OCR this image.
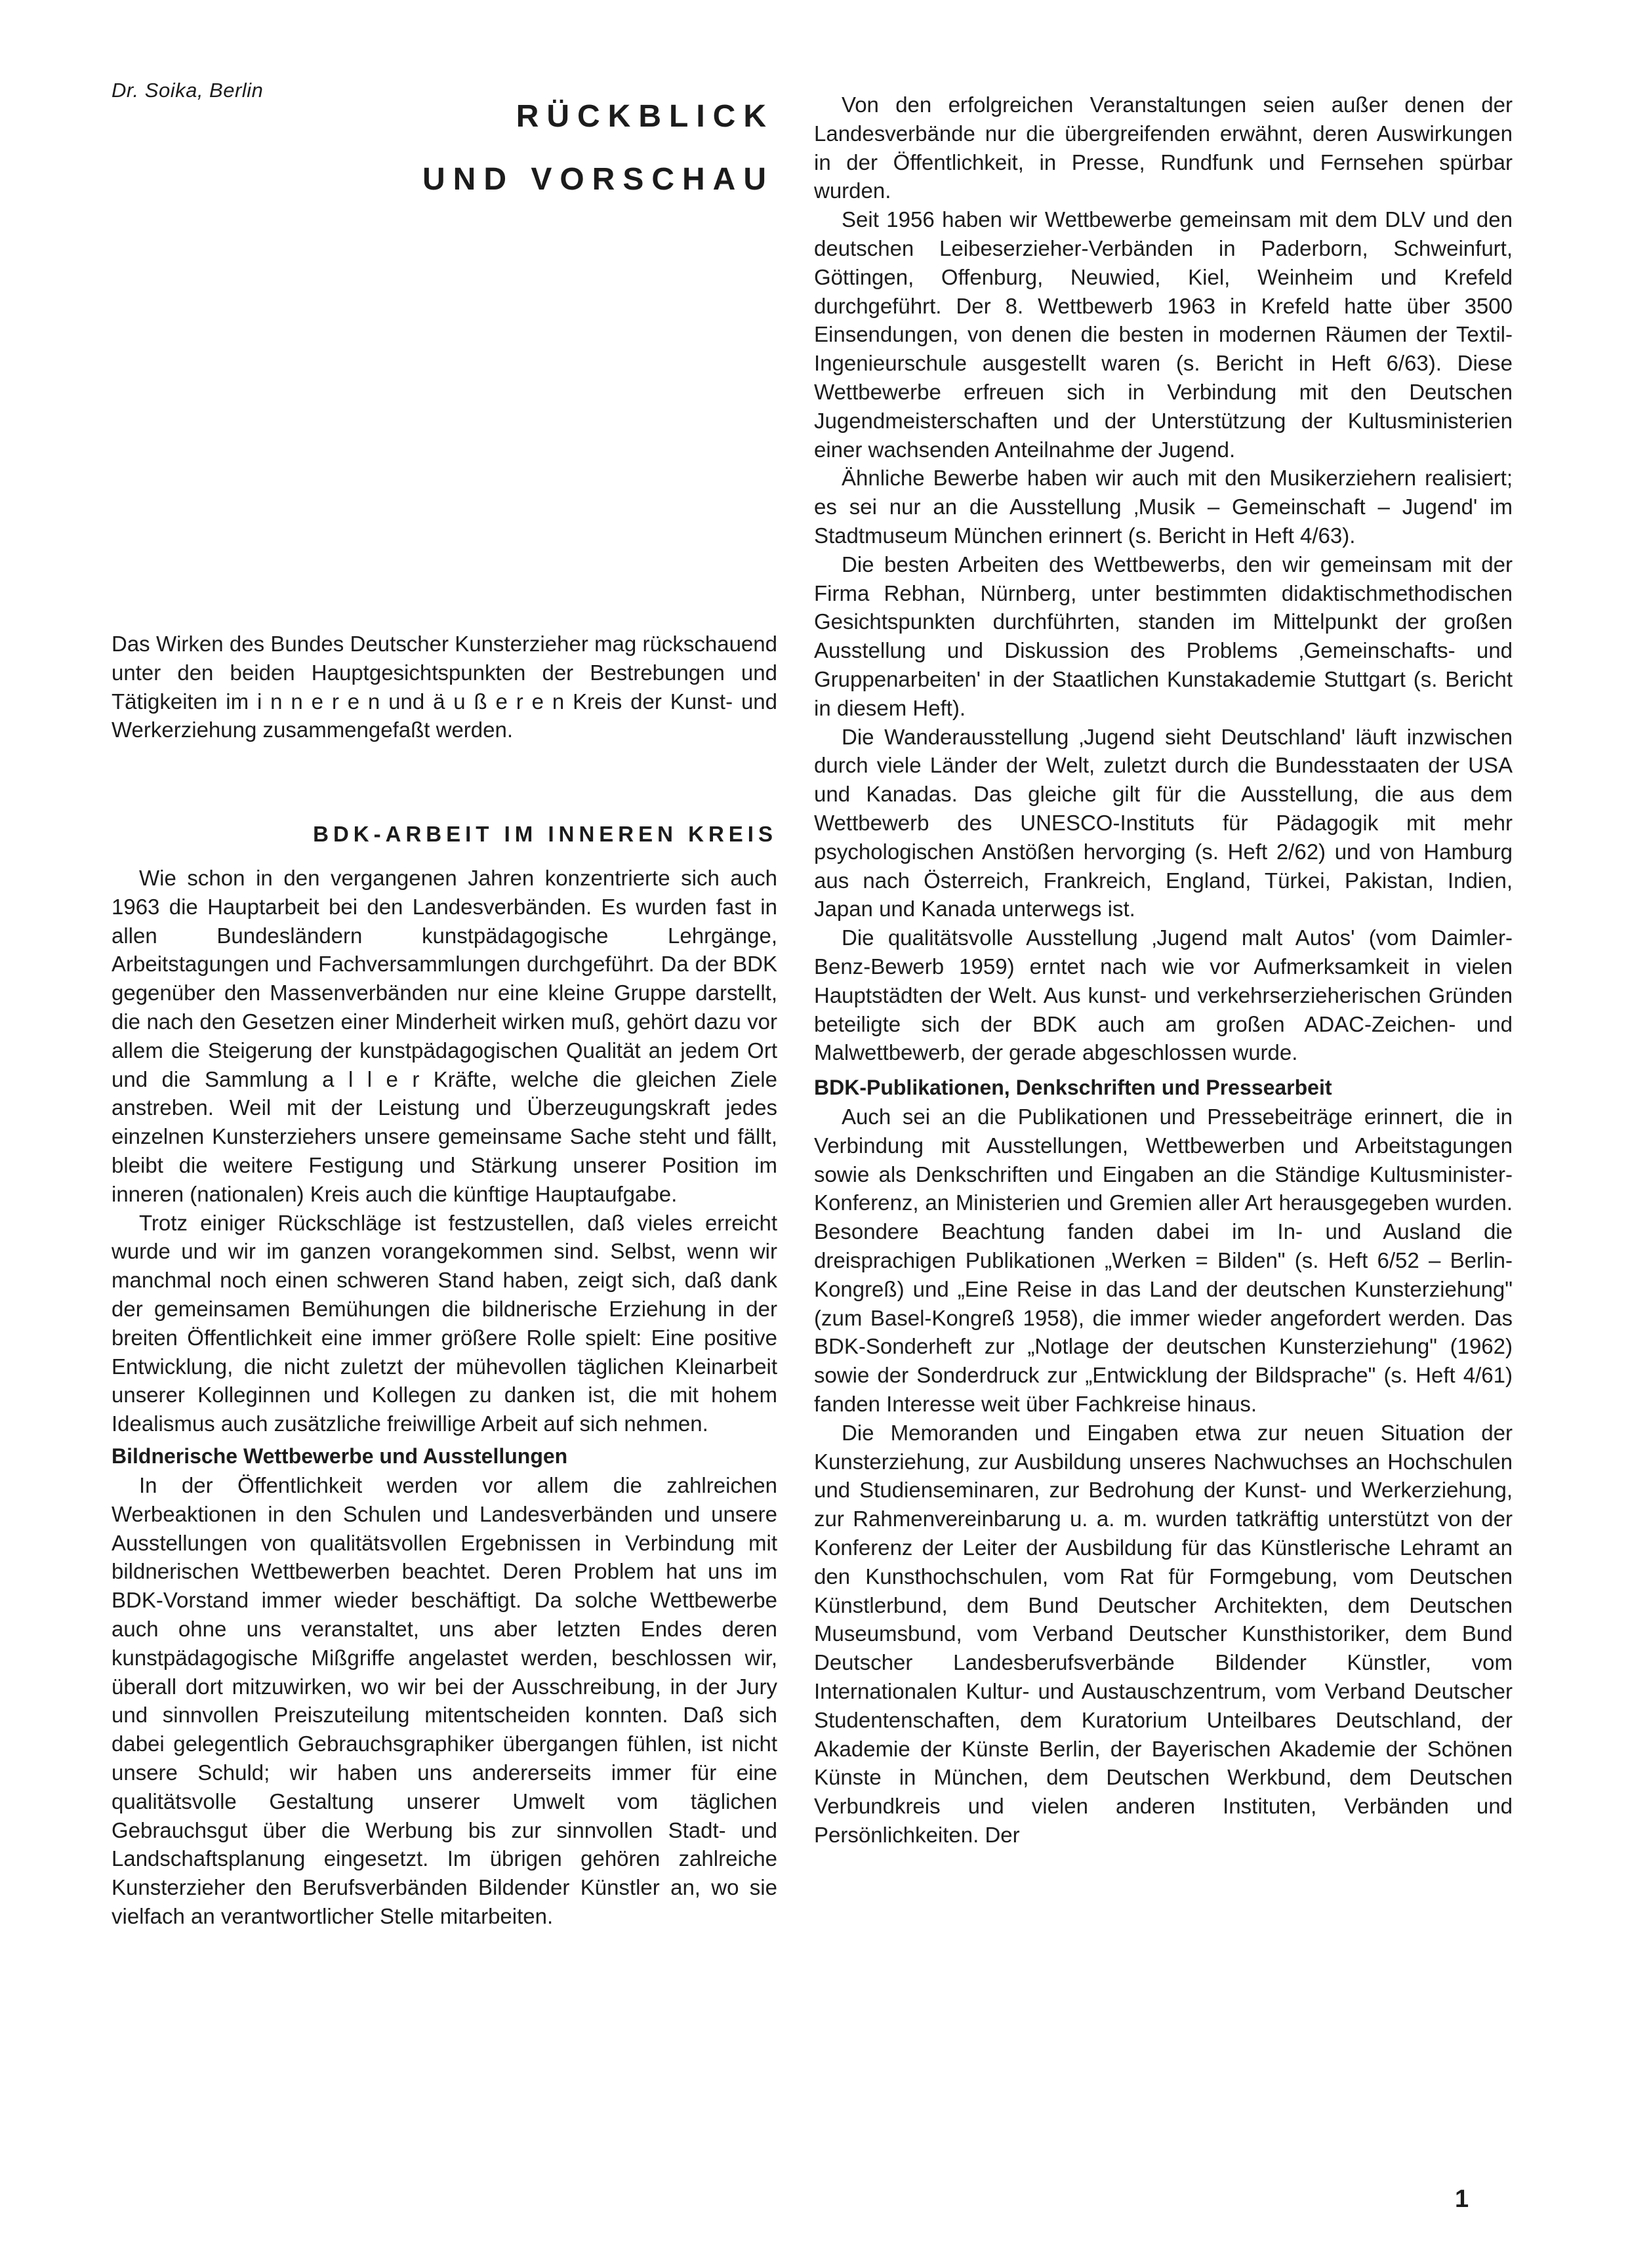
Dr. Soika, Berlin
RÜCKBLICK
UND VORSCHAU

Das Wirken des Bundes Deutscher Kunsterzieher mag rückschauend unter den beiden Hauptgesichtspunkten der Bestrebungen und Tätigkeiten im i n n e r e n und ä u ß e r e n Kreis der Kunst- und Werkerziehung zusammengefaßt werden.

BDK-ARBEIT IM INNEREN KREIS

Wie schon in den vergangenen Jahren konzentrierte sich auch 1963 die Hauptarbeit bei den Landesverbänden. Es wurden fast in allen Bundesländern kunstpädagogische Lehrgänge, Arbeitstagungen und Fachversammlungen durchgeführt. Da der BDK gegenüber den Massenverbänden nur eine kleine Gruppe darstellt, die nach den Gesetzen einer Minderheit wirken muß, gehört dazu vor allem die Steigerung der kunstpädagogischen Qualität an jedem Ort und die Sammlung a l l e r Kräfte, welche die gleichen Ziele anstreben. Weil mit der Leistung und Überzeugungskraft jedes einzelnen Kunsterziehers unsere gemeinsame Sache steht und fällt, bleibt die weitere Festigung und Stärkung unserer Position im inneren (nationalen) Kreis auch die künftige Hauptaufgabe.

Trotz einiger Rückschläge ist festzustellen, daß vieles erreicht wurde und wir im ganzen vorangekommen sind. Selbst, wenn wir manchmal noch einen schweren Stand haben, zeigt sich, daß dank der gemeinsamen Bemühungen die bildnerische Erziehung in der breiten Öffentlichkeit eine immer größere Rolle spielt: Eine positive Entwicklung, die nicht zuletzt der mühevollen täglichen Kleinarbeit unserer Kolleginnen und Kollegen zu danken ist, die mit hohem Idealismus auch zusätzliche freiwillige Arbeit auf sich nehmen.

Bildnerische Wettbewerbe und Ausstellungen

In der Öffentlichkeit werden vor allem die zahlreichen Werbeaktionen in den Schulen und Landesverbänden und unsere Ausstellungen von qualitätsvollen Ergebnissen in Verbindung mit bildnerischen Wettbewerben beachtet. Deren Problem hat uns im BDK-Vorstand immer wieder beschäftigt. Da solche Wettbewerbe auch ohne uns veranstaltet, uns aber letzten Endes deren kunstpädagogische Mißgriffe angelastet werden, beschlossen wir, überall dort mitzuwirken, wo wir bei der Ausschreibung, in der Jury und sinnvollen Preiszuteilung mitentscheiden konnten. Daß sich dabei gelegentlich Gebrauchsgraphiker übergangen fühlen, ist nicht unsere Schuld; wir haben uns andererseits immer für eine qualitätsvolle Gestaltung unserer Umwelt vom täglichen Gebrauchsgut über die Werbung bis zur sinnvollen Stadt- und Landschaftsplanung eingesetzt. Im übrigen gehören zahlreiche Kunsterzieher den Berufsverbänden Bildender Künstler an, wo sie vielfach an verantwortlicher Stelle mitarbeiten.

Von den erfolgreichen Veranstaltungen seien außer denen der Landesverbände nur die übergreifenden erwähnt, deren Auswirkungen in der Öffentlichkeit, in Presse, Rundfunk und Fernsehen spürbar wurden.

Seit 1956 haben wir Wettbewerbe gemeinsam mit dem DLV und den deutschen Leibeserzieher-Verbänden in Paderborn, Schweinfurt, Göttingen, Offenburg, Neuwied, Kiel, Weinheim und Krefeld durchgeführt. Der 8. Wettbewerb 1963 in Krefeld hatte über 3500 Einsendungen, von denen die besten in modernen Räumen der Textil-Ingenieurschule ausgestellt waren (s. Bericht in Heft 6/63). Diese Wettbewerbe erfreuen sich in Verbindung mit den Deutschen Jugendmeisterschaften und der Unterstützung der Kultusministerien einer wachsenden Anteilnahme der Jugend.

Ähnliche Bewerbe haben wir auch mit den Musikerziehern realisiert; es sei nur an die Ausstellung ‚Musik – Gemeinschaft – Jugend' im Stadtmuseum München erinnert (s. Bericht in Heft 4/63).

Die besten Arbeiten des Wettbewerbs, den wir gemeinsam mit der Firma Rebhan, Nürnberg, unter bestimmten didaktischmethodischen Gesichtspunkten durchführten, standen im Mittelpunkt der großen Ausstellung und Diskussion des Problems ‚Gemeinschafts- und Gruppenarbeiten' in der Staatlichen Kunstakademie Stuttgart (s. Bericht in diesem Heft).

Die Wanderausstellung ‚Jugend sieht Deutschland' läuft inzwischen durch viele Länder der Welt, zuletzt durch die Bundesstaaten der USA und Kanadas. Das gleiche gilt für die Ausstellung, die aus dem Wettbewerb des UNESCO-Instituts für Pädagogik mit mehr psychologischen Anstößen hervorging (s. Heft 2/62) und von Hamburg aus nach Österreich, Frankreich, England, Türkei, Pakistan, Indien, Japan und Kanada unterwegs ist.

Die qualitätsvolle Ausstellung ‚Jugend malt Autos' (vom Daimler-Benz-Bewerb 1959) erntet nach wie vor Aufmerksamkeit in vielen Hauptstädten der Welt. Aus kunst- und verkehrserzieherischen Gründen beteiligte sich der BDK auch am großen ADAC-Zeichen- und Malwettbewerb, der gerade abgeschlossen wurde.

BDK-Publikationen, Denkschriften und Pressearbeit

Auch sei an die Publikationen und Pressebeiträge erinnert, die in Verbindung mit Ausstellungen, Wettbewerben und Arbeitstagungen sowie als Denkschriften und Eingaben an die Ständige Kultusminister-Konferenz, an Ministerien und Gremien aller Art herausgegeben wurden. Besondere Beachtung fanden dabei im In- und Ausland die dreisprachigen Publikationen „Werken = Bilden" (s. Heft 6/52 – Berlin-Kongreß) und „Eine Reise in das Land der deutschen Kunsterziehung" (zum Basel-Kongreß 1958), die immer wieder angefordert werden. Das BDK-Sonderheft zur „Notlage der deutschen Kunsterziehung" (1962) sowie der Sonderdruck zur „Entwicklung der Bildsprache" (s. Heft 4/61) fanden Interesse weit über Fachkreise hinaus.

Die Memoranden und Eingaben etwa zur neuen Situation der Kunsterziehung, zur Ausbildung unseres Nachwuchses an Hochschulen und Studienseminaren, zur Bedrohung der Kunst- und Werkerziehung, zur Rahmenvereinbarung u. a. m. wurden tatkräftig unterstützt von der Konferenz der Leiter der Ausbildung für das Künstlerische Lehramt an den Kunsthochschulen, vom Rat für Formgebung, vom Deutschen Künstlerbund, dem Bund Deutscher Architekten, dem Deutschen Museumsbund, vom Verband Deutscher Kunsthistoriker, dem Bund Deutscher Landesberufsverbände Bildender Künstler, vom Internationalen Kultur- und Austauschzentrum, vom Verband Deutscher Studentenschaften, dem Kuratorium Unteilbares Deutschland, der Akademie der Künste Berlin, der Bayerischen Akademie der Schönen Künste in München, dem Deutschen Werkbund, dem Deutschen Verbundkreis und vielen anderen Instituten, Verbänden und Persönlichkeiten. Der

1
